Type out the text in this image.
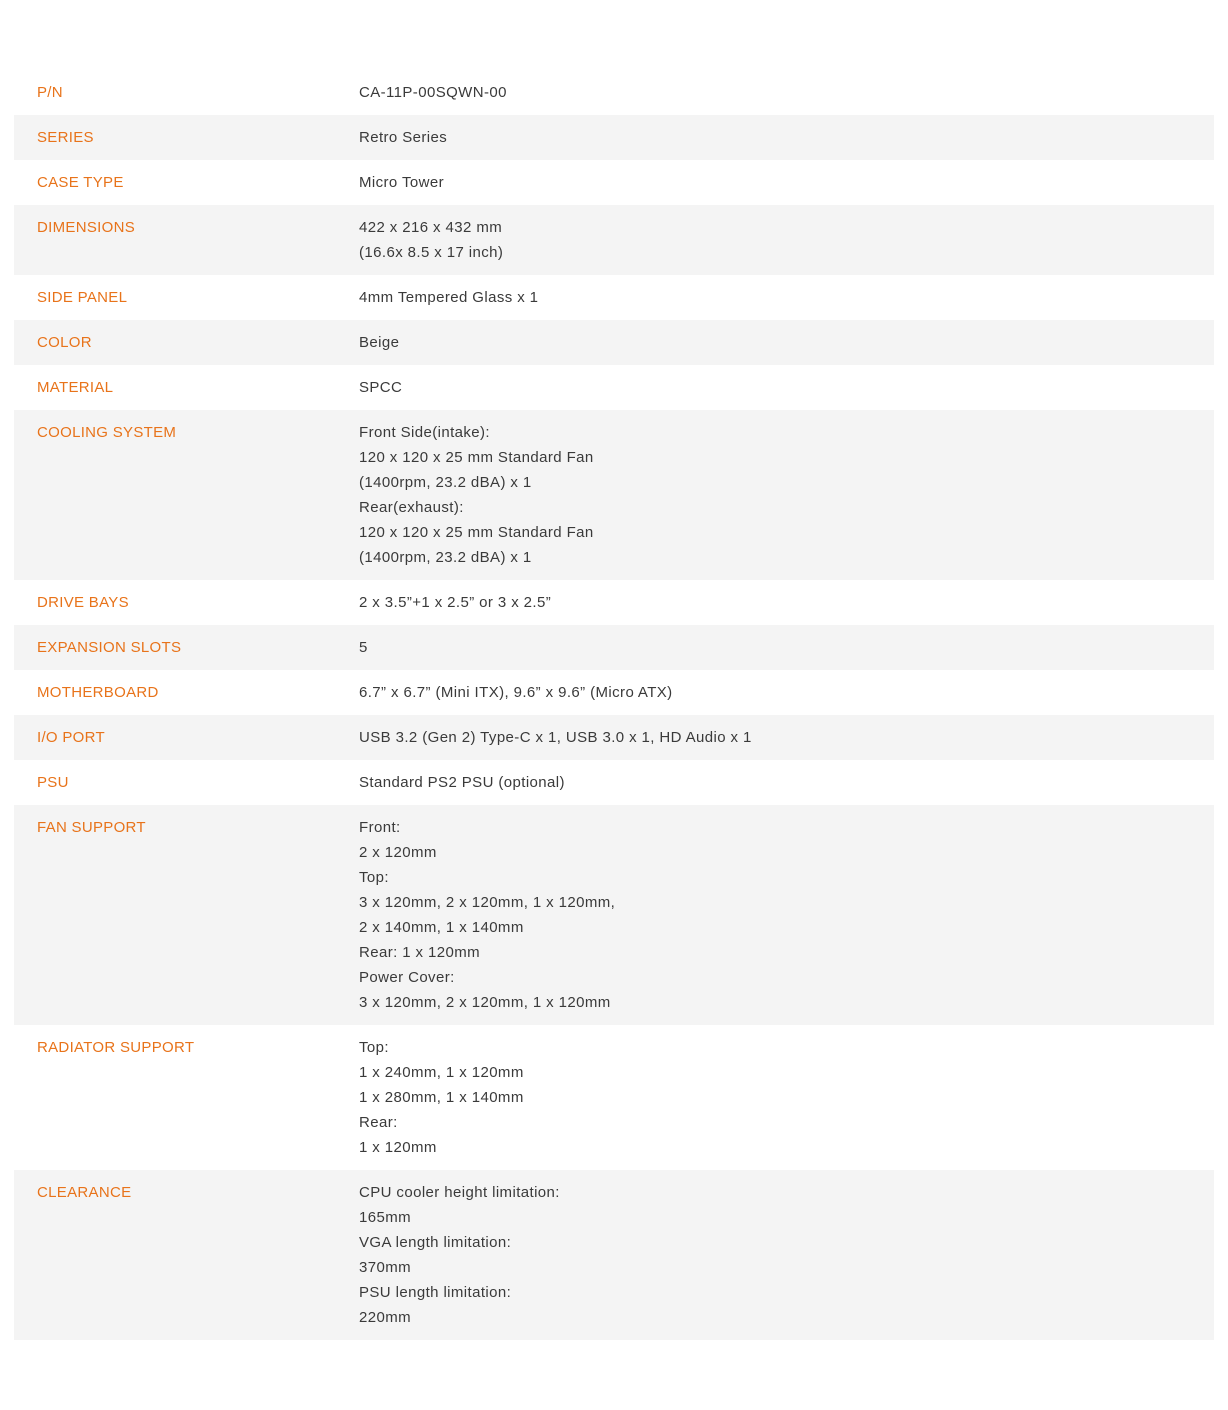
P/N	CA-11P-00SQWN-00
SERIES	Retro Series
CASE TYPE	Micro Tower
DIMENSIONS	422 x 216 x 432 mm
(16.6x 8.5 x 17 inch)
SIDE PANEL	4mm Tempered Glass x 1
COLOR	Beige
MATERIAL	SPCC
COOLING SYSTEM	Front Side(intake):
120 x 120 x 25 mm Standard Fan
(1400rpm, 23.2 dBA) x 1
Rear(exhaust):
120 x 120 x 25 mm Standard Fan
(1400rpm, 23.2 dBA) x 1
DRIVE BAYS	2 x 3.5”+1 x 2.5” or 3 x 2.5”
EXPANSION SLOTS	5
MOTHERBOARD	6.7” x 6.7” (Mini ITX), 9.6” x 9.6” (Micro ATX)
I/O PORT	USB 3.2 (Gen 2) Type-C x 1, USB 3.0 x 1, HD Audio x 1
PSU	Standard PS2 PSU (optional)
FAN SUPPORT	Front:
2 x 120mm
Top:
3 x 120mm, 2 x 120mm, 1 x 120mm,
2 x 140mm, 1 x 140mm
Rear: 1 x 120mm
Power Cover:
3 x 120mm, 2 x 120mm, 1 x 120mm
RADIATOR SUPPORT	Top:
1 x 240mm, 1 x 120mm
1 x 280mm, 1 x 140mm
Rear:
1 x 120mm
CLEARANCE	CPU cooler height limitation:
165mm
VGA length limitation:
370mm
PSU length limitation:
220mm
